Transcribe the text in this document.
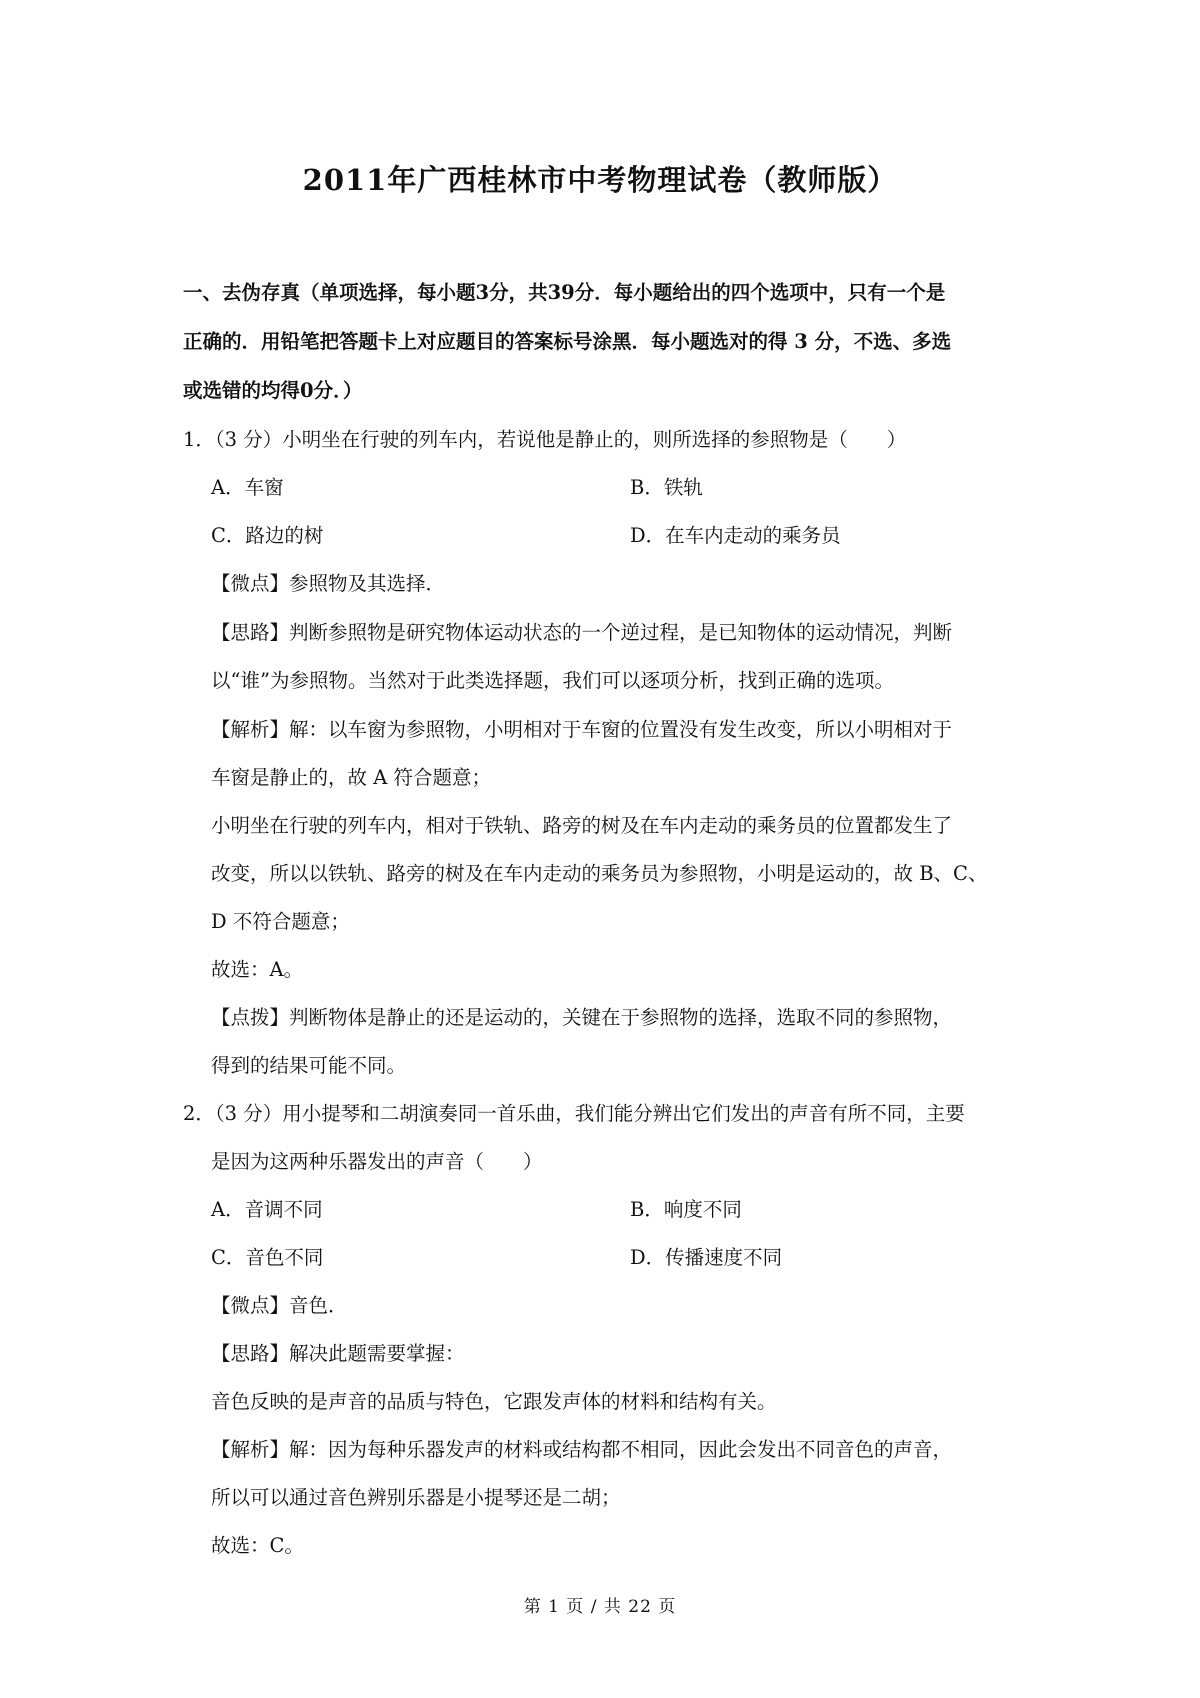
2011年广西桂林市中考物理试卷（教师版）
一、去伪存真（单项选择，每小题3分，共39分．每小题给出的四个选项中，只有一个是
正确的．用铅笔把答题卡上对应题目的答案标号涂黑．每小题选对的得 3 分，不选、多选
或选错的均得0分．）
1．（3 分）小明坐在行驶的列车内，若说他是静止的，则所选择的参照物是（　　）
A．车窗	B．铁轨
C．路边的树	D．在车内走动的乘务员
【微点】参照物及其选择．
【思路】判断参照物是研究物体运动状态的一个逆过程，是已知物体的运动情况，判断
以“谁”为参照物。当然对于此类选择题，我们可以逐项分析，找到正确的选项。
【解析】解：以车窗为参照物，小明相对于车窗的位置没有发生改变，所以小明相对于
车窗是静止的，故 A 符合题意；
小明坐在行驶的列车内，相对于铁轨、路旁的树及在车内走动的乘务员的位置都发生了
改变，所以以铁轨、路旁的树及在车内走动的乘务员为参照物，小明是运动的，故 B、C、
D 不符合题意；
故选：A。
【点拨】判断物体是静止的还是运动的，关键在于参照物的选择，选取不同的参照物，
得到的结果可能不同。
2．（3 分）用小提琴和二胡演奏同一首乐曲，我们能分辨出它们发出的声音有所不同，主要
是因为这两种乐器发出的声音（　　）
A．音调不同	B．响度不同
C．音色不同	D．传播速度不同
【微点】音色．
【思路】解决此题需要掌握：
音色反映的是声音的品质与特色，它跟发声体的材料和结构有关。
【解析】解：因为每种乐器发声的材料或结构都不相同，因此会发出不同音色的声音，
所以可以通过音色辨别乐器是小提琴还是二胡；
故选：C。
第 1 页 / 共 22 页
